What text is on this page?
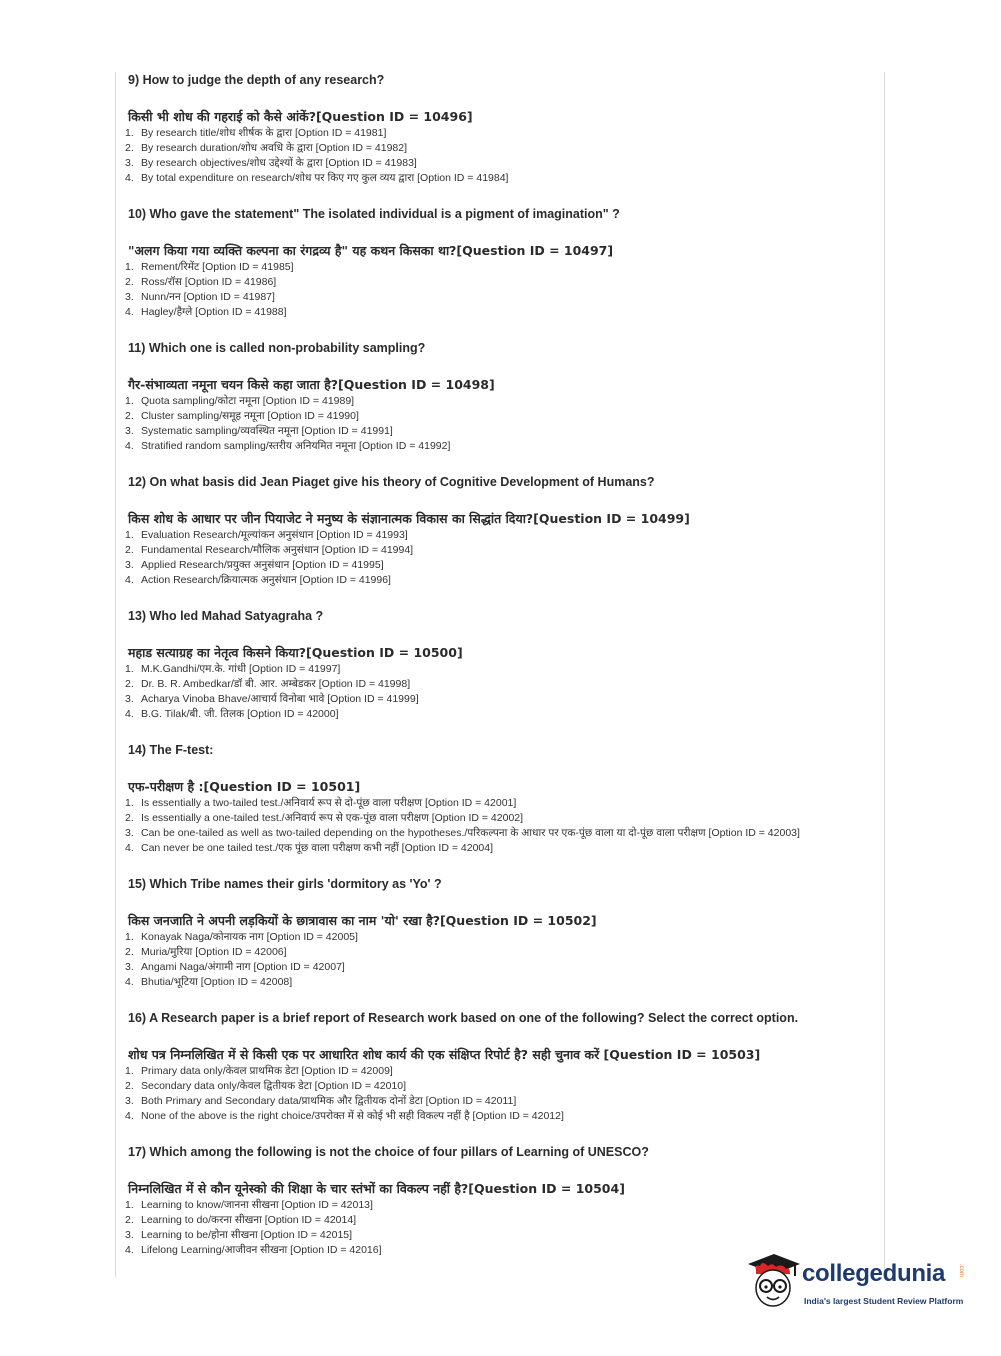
9) How to judge the depth of any research?

किसी भी शोध की गहराई को कैसे आंकें?[Question ID = 10496]

1. By research title/शोध शीर्षक के द्वारा [Option ID = 41981]
2. By research duration/शोध अवधि के द्वारा [Option ID = 41982]
3. By research objectives/शोध उद्देश्यों के द्वारा [Option ID = 41983]
4. By total expenditure on research/शोध पर किए गए कुल व्यय द्वारा [Option ID = 41984]

10) Who gave the statement" The isolated individual is a pigment of imagination" ?

"अलग किया गया व्यक्ति कल्पना का रंगद्रव्य है" यह कथन किसका था?[Question ID = 10497]

1. Rement/रिमेंट [Option ID = 41985]
2. Ross/रॉस [Option ID = 41986]
3. Nunn/नन [Option ID = 41987]
4. Hagley/हैग्ले [Option ID = 41988]

11) Which one is called non-probability sampling?

गैर-संभाव्यता नमूना चयन किसे कहा जाता है?[Question ID = 10498]

1. Quota sampling/कोटा नमूना [Option ID = 41989]
2. Cluster sampling/समूह नमूना [Option ID = 41990]
3. Systematic sampling/व्यवस्थित नमूना [Option ID = 41991]
4. Stratified random sampling/स्तरीय अनियमित नमूना [Option ID = 41992]

12) On what basis did Jean Piaget give his theory of Cognitive Development of Humans?

किस शोध के आधार पर जीन पियाजेट ने मनुष्य के संज्ञानात्मक विकास का सिद्धांत दिया?[Question ID = 10499]

1. Evaluation Research/मूल्यांकन अनुसंधान [Option ID = 41993]
2. Fundamental Research/मौलिक अनुसंधान [Option ID = 41994]
3. Applied Research/प्रयुक्त अनुसंधान [Option ID = 41995]
4. Action Research/क्रियात्मक अनुसंधान [Option ID = 41996]

13) Who led Mahad Satyagraha ?

महाड सत्याग्रह का नेतृत्व किसने किया?[Question ID = 10500]

1. M.K.Gandhi/एम.के. गांधी [Option ID = 41997]
2. Dr. B. R. Ambedkar/डॉ बी. आर. अम्बेडकर [Option ID = 41998]
3. Acharya Vinoba Bhave/आचार्य विनोबा भावे [Option ID = 41999]
4. B.G. Tilak/बी. जी. तिलक [Option ID = 42000]

14) The F-test:

एफ-परीक्षण है :[Question ID = 10501]

1. Is essentially a two-tailed test./अनिवार्य रूप से दो-पूंछ वाला परीक्षण [Option ID = 42001]
2. Is essentially a one-tailed test./अनिवार्य रूप से एक-पूंछ वाला परीक्षण [Option ID = 42002]
3. Can be one-tailed as well as two-tailed depending on the hypotheses./परिकल्पना के आधार पर एक-पूंछ वाला या दो-पूंछ वाला परीक्षण [Option ID = 42003]
4. Can never be one tailed test./एक पूंछ वाला परीक्षण कभी नहीं [Option ID = 42004]

15) Which Tribe names their girls 'dormitory as 'Yo' ?

किस जनजाति ने अपनी लड़कियों के छात्रावास का नाम 'यो' रखा है?[Question ID = 10502]

1. Konayak Naga/कोनायक नाग [Option ID = 42005]
2. Muria/मुरिया [Option ID = 42006]
3. Angami Naga/अंगामी नाग [Option ID = 42007]
4. Bhutia/भूटिया [Option ID = 42008]

16) A Research paper is a brief report of Research work based on one of the following? Select the correct option.

शोध पत्र निम्नलिखित में से किसी एक पर आधारित शोध कार्य की एक संक्षिप्त रिपोर्ट है? सही चुनाव करें [Question ID = 10503]

1. Primary data only/केवल प्राथमिक डेटा [Option ID = 42009]
2. Secondary data only/केवल द्वितीयक डेटा [Option ID = 42010]
3. Both Primary and Secondary data/प्राथमिक और द्वितीयक दोनों डेटा [Option ID = 42011]
4. None of the above is the right choice/उपरोक्त में से कोई भी सही विकल्प नहीं है [Option ID = 42012]

17) Which among the following is not the choice of four pillars of Learning of UNESCO?

निम्नलिखित में से कौन यूनेस्को की शिक्षा के चार स्तंभों का विकल्प नहीं है?[Question ID = 10504]

1. Learning to know/जानना सीखना [Option ID = 42013]
2. Learning to do/करना सीखना [Option ID = 42014]
3. Learning to be/होना सीखना [Option ID = 42015]
4. Lifelong Learning/आजीवन सीखना [Option ID = 42016]
collegedunia .com
India's largest Student Review Platform
